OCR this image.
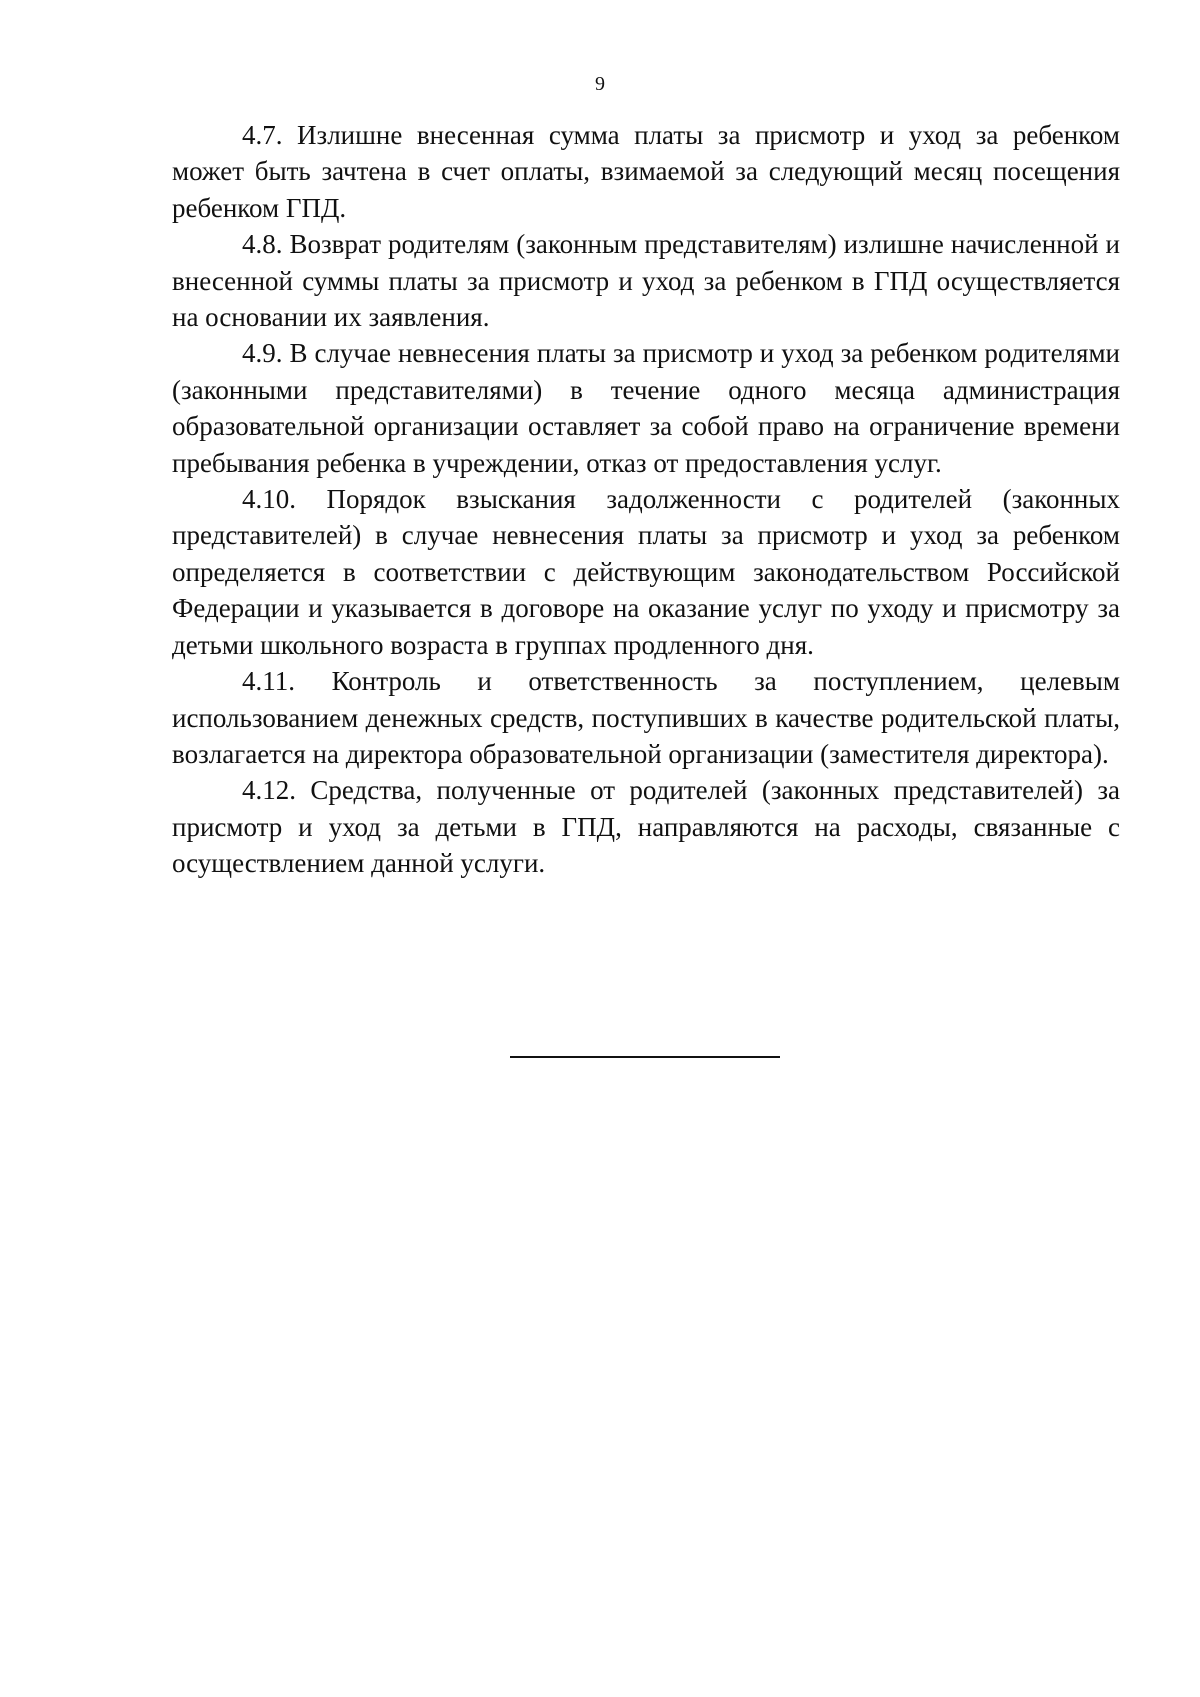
9

4.7. Излишне внесенная сумма платы за присмотр и уход за ребенком может быть зачтена в счет оплаты, взимаемой за следующий месяц посещения ребенком ГПД.

4.8. Возврат родителям (законным представителям) излишне начисленной и внесенной суммы платы за присмотр и уход за ребенком в ГПД осуществляется на основании их заявления.

4.9. В случае невнесения платы за присмотр и уход за ребенком родителями (законными представителями) в течение одного месяца администрация образовательной организации оставляет за собой право на ограничение времени пребывания ребенка в учреждении, отказ от предоставления услуг.

4.10. Порядок взыскания задолженности с родителей (законных представителей) в случае невнесения платы за присмотр и уход за ребенком определяется в соответствии с действующим законодательством Российской Федерации и указывается в договоре на оказание услуг по уходу и присмотру за детьми школьного возраста в группах продленного дня.

4.11. Контроль и ответственность за поступлением, целевым использованием денежных средств, поступивших в качестве родительской платы, возлагается на директора образовательной организации (заместителя директора).

4.12. Средства, полученные от родителей (законных представителей) за присмотр и уход за детьми в ГПД, направляются на расходы, связанные с осуществлением данной услуги.
